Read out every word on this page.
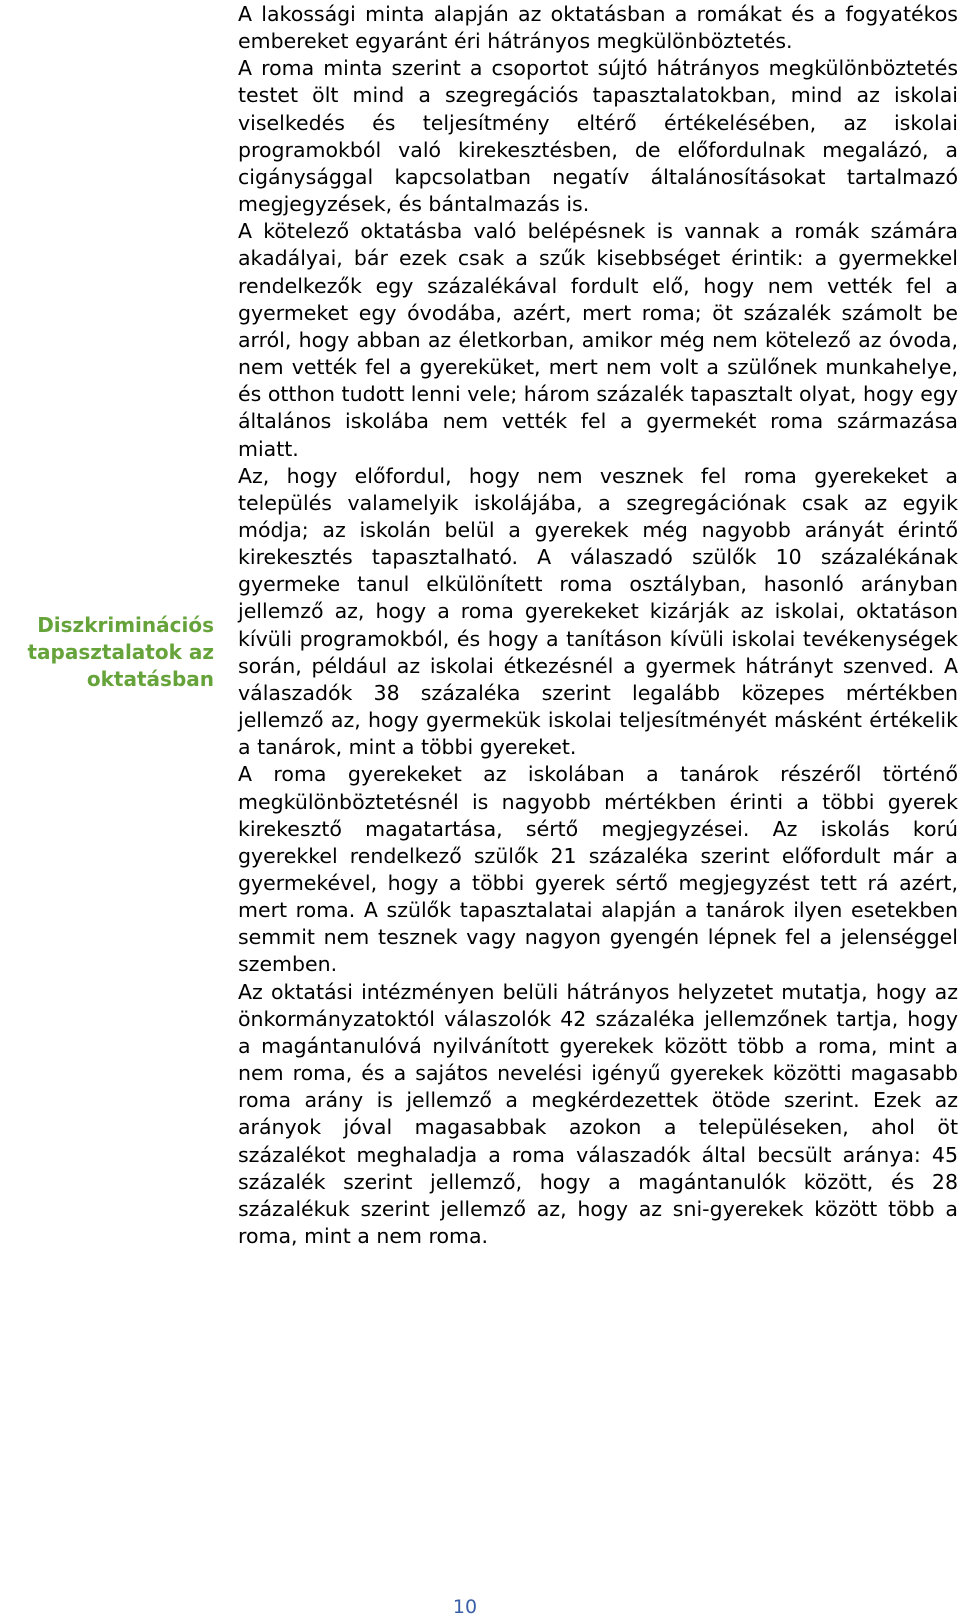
Diszkriminációs tapasztalatok az oktatásban

A lakossági minta alapján az oktatásban a romákat és a fogyatékos embereket egyaránt éri hátrányos megkülönböztetés.

A roma minta szerint a csoportot sújtó hátrányos megkülönböztetés testet ölt mind a szegregációs tapasztalatokban, mind az iskolai viselkedés és teljesítmény eltérő értékelésében, az iskolai programokból való kirekesztésben, de előfordulnak megalázó, a cigánysággal kapcsolatban negatív általánosításokat tartalmazó megjegyzések, és bántalmazás is.

A kötelező oktatásba való belépésnek is vannak a romák számára akadályai, bár ezek csak a szűk kisebbséget érintik: a gyermekkel rendelkezők egy százalékával fordult elő, hogy nem vették fel a gyermeket egy óvodába, azért, mert roma; öt százalék számolt be arról, hogy abban az életkorban, amikor még nem kötelező az óvoda, nem vették fel a gyereküket, mert nem volt a szülőnek munkahelye, és otthon tudott lenni vele; három százalék tapasztalt olyat, hogy egy általános iskolába nem vették fel a gyermekét roma származása miatt.

Az, hogy előfordul, hogy nem vesznek fel roma gyerekeket a település valamelyik iskolájába, a szegregációnak csak az egyik módja; az iskolán belül a gyerekek még nagyobb arányát érintő kirekesztés tapasztalható. A válaszadó szülők 10 százalékának gyermeke tanul elkülönített roma osztályban, hasonló arányban jellemző az, hogy a roma gyerekeket kizárják az iskolai, oktatáson kívüli programokból, és hogy a tanításon kívüli iskolai tevékenységek során, például az iskolai étkezésnél a gyermek hátrányt szenved. A válaszadók 38 százaléka szerint legalább közepes mértékben jellemző az, hogy gyermekük iskolai teljesítményét másként értékelik a tanárok, mint a többi gyereket.

A roma gyerekeket az iskolában a tanárok részéről történő megkülönböztetésnél is nagyobb mértékben érinti a többi gyerek kirekesztő magatartása, sértő megjegyzései. Az iskolás korú gyerekkel rendelkező szülők 21 százaléka szerint előfordult már a gyermekével, hogy a többi gyerek sértő megjegyzést tett rá azért, mert roma. A szülők tapasztalatai alapján a tanárok ilyen esetekben semmit nem tesznek vagy nagyon gyengén lépnek fel a jelenséggel szemben.

Az oktatási intézményen belüli hátrányos helyzetet mutatja, hogy az önkormányzatoktól válaszolók 42 százaléka jellemzőnek tartja, hogy a magántanulóvá nyilvánított gyerekek között több a roma, mint a nem roma, és a sajátos nevelési igényű gyerekek közötti magasabb roma arány is jellemző a megkérdezettek ötöde szerint. Ezek az arányok jóval magasabbak azokon a településeken, ahol öt százalékot meghaladja a roma válaszadók által becsült aránya: 45 százalék szerint jellemző, hogy a magántanulók között, és 28 százalékuk szerint jellemző az, hogy az sni-gyerekek között több a roma, mint a nem roma.

10
